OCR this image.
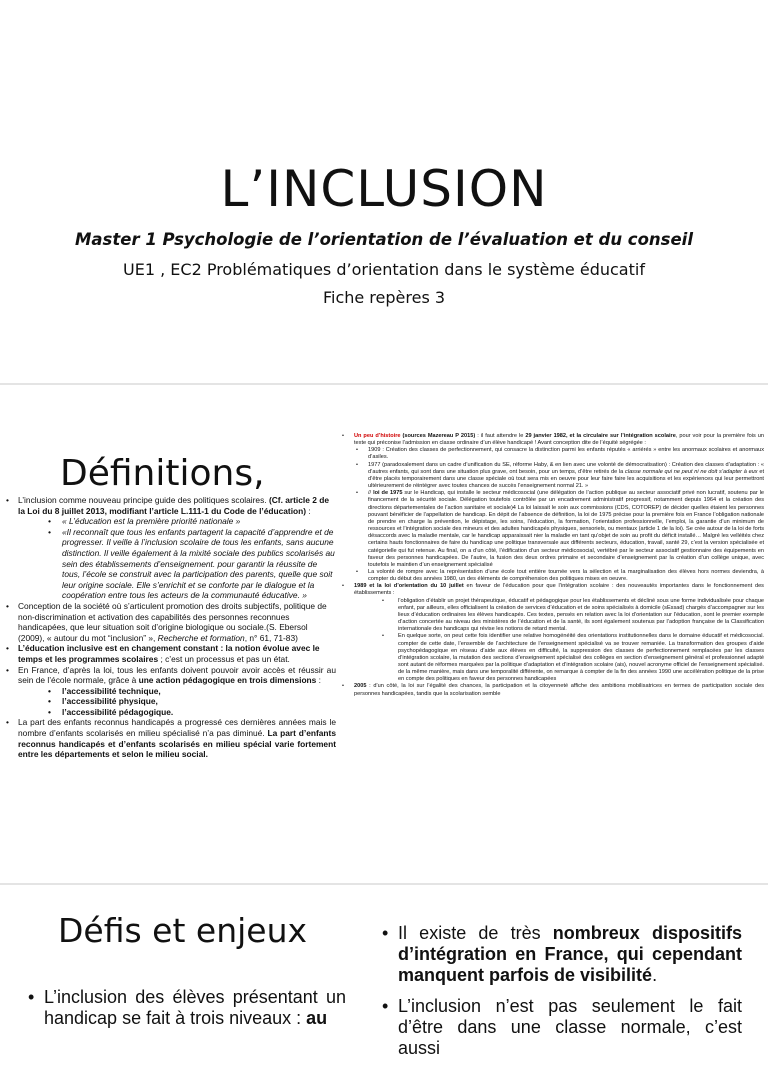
L’INCLUSION
Master 1 Psychologie de l’orientation de l’évaluation et du conseil
UE1 , EC2 Problématiques d’orientation dans le système éducatif
Fiche repères 3
Définitions,
• L’inclusion comme nouveau principe guide des politiques scolaires. (Cf. article 2 de la Loi du 8 juillet 2013, modifiant l’article L.111-1 du Code de l’éducation) :
• « L’éducation est la première priorité nationale »
• «Il reconnaît que tous les enfants partagent la capacité d’apprendre et de progresser. Il veille à l’inclusion scolaire de tous les enfants, sans aucune distinction. Il veille également à la mixité sociale des publics scolarisés au sein des établissements d’enseignement. pour garantir la réussite de tous, l’école se construit avec la participation des parents, quelle que soit leur origine sociale. Elle s’enrichit et se conforte par le dialogue et la coopération entre tous les acteurs de la communauté éducative. »
• Conception de la société où s’articulent promotion des droits subjectifs, politique de non-discrimination et activation des capabilités des personnes reconnues handicapées, que leur situation soit d’origine biologique ou sociale.(S. Ebersol (2009), « autour du mot “inclusion” », Recherche et formation, n° 61, 71-83)
• L’éducation inclusive est en changement constant : la notion évolue avec le temps et les programmes scolaires ; c’est un processus et pas un état.
• En France, d’après la loi, tous les enfants doivent pouvoir avoir accès et réussir au sein de l’école normale, grâce à une action pédagogique en trois dimensions :
• l’accessibilité technique,
• l’accessibilité physique,
• l’accessibilité pédagogique.
• La part des enfants reconnus handicapés a progressé ces dernières années mais le nombre d’enfants scolarisés en milieu spécialisé n’a pas diminué. La part d’enfants reconnus handicapés et d’enfants scolarisés en milieu spécial varie fortement entre les départements et selon le milieu social.
• Un peu d’histoire (sources Mazereau P 2015) : il faut attendre le 29 janvier 1982, et la circulaire sur l’intégration scolaire, pour voir pour la première fois un texte qui préconise l’admission en classe ordinaire d’un élève handicapé ! Avant conception dite de l’équité ségrégée :
• 1909 : Création des classes de perfectionnement, qui consacre la distinction parmi les enfants réputés « arriérés » entre les anormaux scolaires et anormaux d’asiles.
• 1977 (paradoxalement dans un cadre d’unification du SE, réforme Haby, & en lien avec une volonté de démocratisation) : Création des classes d’adaptation : « d’autres enfants, qui sont dans une situation plus grave, ont besoin, pour un temps, d’être retirés de la classe normale qui ne peut ni ne doit s’adapter à eux et d’être placés temporairement dans une classe spéciale où tout sera mis en oeuvre pour leur faire faire les acquisitions et les expériences qui leur permettront ultérieurement de réintégrer avec toutes chances de succès l’enseignement normal 21. »
• // loi de 1975 sur le Handicap, qui installe le secteur médicosocial (une délégation de l’action publique au secteur associatif privé non lucratif, soutenu par le financement de la sécurité sociale. Délégation toutefois contrôlée par un encadrement administratif progressif, notamment depuis 1964 et la création des directions départementales de l’action sanitaire et sociale)4 La loi laissait le soin aux commissions (CDS, COTOREP) de décider quelles étaient les personnes pouvant bénéficier de l’appellation de handicap. En dépit de l’absence de définition, la loi de 1975 précise pour la première fois en France l’obligation nationale de prendre en charge la prévention, le dépistage, les soins, l’éducation, la formation, l’orientation professionnelle, l’emploi, la garantie d’un minimum de ressources et l’intégration sociale des mineurs et des adultes handicapés physiques, sensoriels, ou mentaux (article 1 de la loi). Se crée autour de la loi de forts désaccords avec la maladie mentale, car le handicap apparaissait nier la maladie en tant qu’objet de soin au profit du déficit installé… Malgré les velléités chez certains hauts fonctionnaires de faire du handicap une politique transversale aux différents secteurs, éducation, travail, santé 29, c’est la version spécialisée et catégorielle qui fut retenue. Au final, on a d’un côté, l’édification d’un secteur médicosocial, vertébré par le secteur associatif gestionnaire des équipements en faveur des personnes handicapées. De l’autre, la fusion des deux ordres primaire et secondaire d’enseignement par la création d’un collège unique, avec toutefois le maintien d’un enseignement spécialisé
• La volonté de rompre avec la représentation d’une école tout entière tournée vers la sélection et la marginalisation des élèves hors normes deviendra, à compter du début des années 1980, un des éléments de compréhension des politiques mises en oeuvre.
• 1989 et la loi d’orientation du 10 juillet en faveur de l’éducation pour que l’intégration scolaire : des nouveautés importantes dans le fonctionnement des établissements :
• l’obligation d’établir un projet thérapeutique, éducatif et pédagogique pour les établissements et décliné sous une forme individualisée pour chaque enfant, par ailleurs, elles officialisent la création de services d’éducation et de soins spécialisés à domicile (sEssad) chargés d’accompagner sur les lieux d’éducation ordinaires les élèves handicapés. Ces textes, pensés en relation avec la loi d’orientation sur l’éducation, sont le premier exemple d’action concertée au niveau des ministères de l’éducation et de la santé, ils sont également soutenus par l’adoption française de la Classification internationale des handicaps qui révise les notions de retard mental.
• En quelque sorte, on peut cette fois identifier une relative homogénéité des orientations institutionnelles dans le domaine éducatif et médicosocial. compter de cette date, l’ensemble de l’architecture de l’enseignement spécialisé va se trouver remaniée. La transformation des groupes d’aide psychopédagogique en réseau d’aide aux élèves en difficulté, la suppression des classes de perfectionnement remplacées par les classes d’intégration scolaire, la mutation des sections d’enseignement spécialisé des collèges en section d’enseignement général et professionnel adapté sont autant de réformes marquées par la politique d’adaptation et d’intégration scolaire (ais), nouvel acronyme officiel de l’enseignement spécialisé. de la même manière, mais dans une temporalité différente, on remarque à compter de la fin des années 1990 une accélération politique de la prise en compte des politiques en faveur des personnes handicapées
• 2005 : d’un côté, la loi sur l’égalité des chances, la participation et la citoyenneté affiche des ambitions mobilisatrices en termes de participation sociale des personnes handicapées, tandis que la scolarisation semble
Défis et enjeux
• L’inclusion des élèves présentant un handicap se fait à trois niveaux : au
• Il existe de très nombreux dispositifs d’intégration en France, qui cependant manquent parfois de visibilité.
• L’inclusion n’est pas seulement le fait d’être dans une classe normale, c’est aussi
